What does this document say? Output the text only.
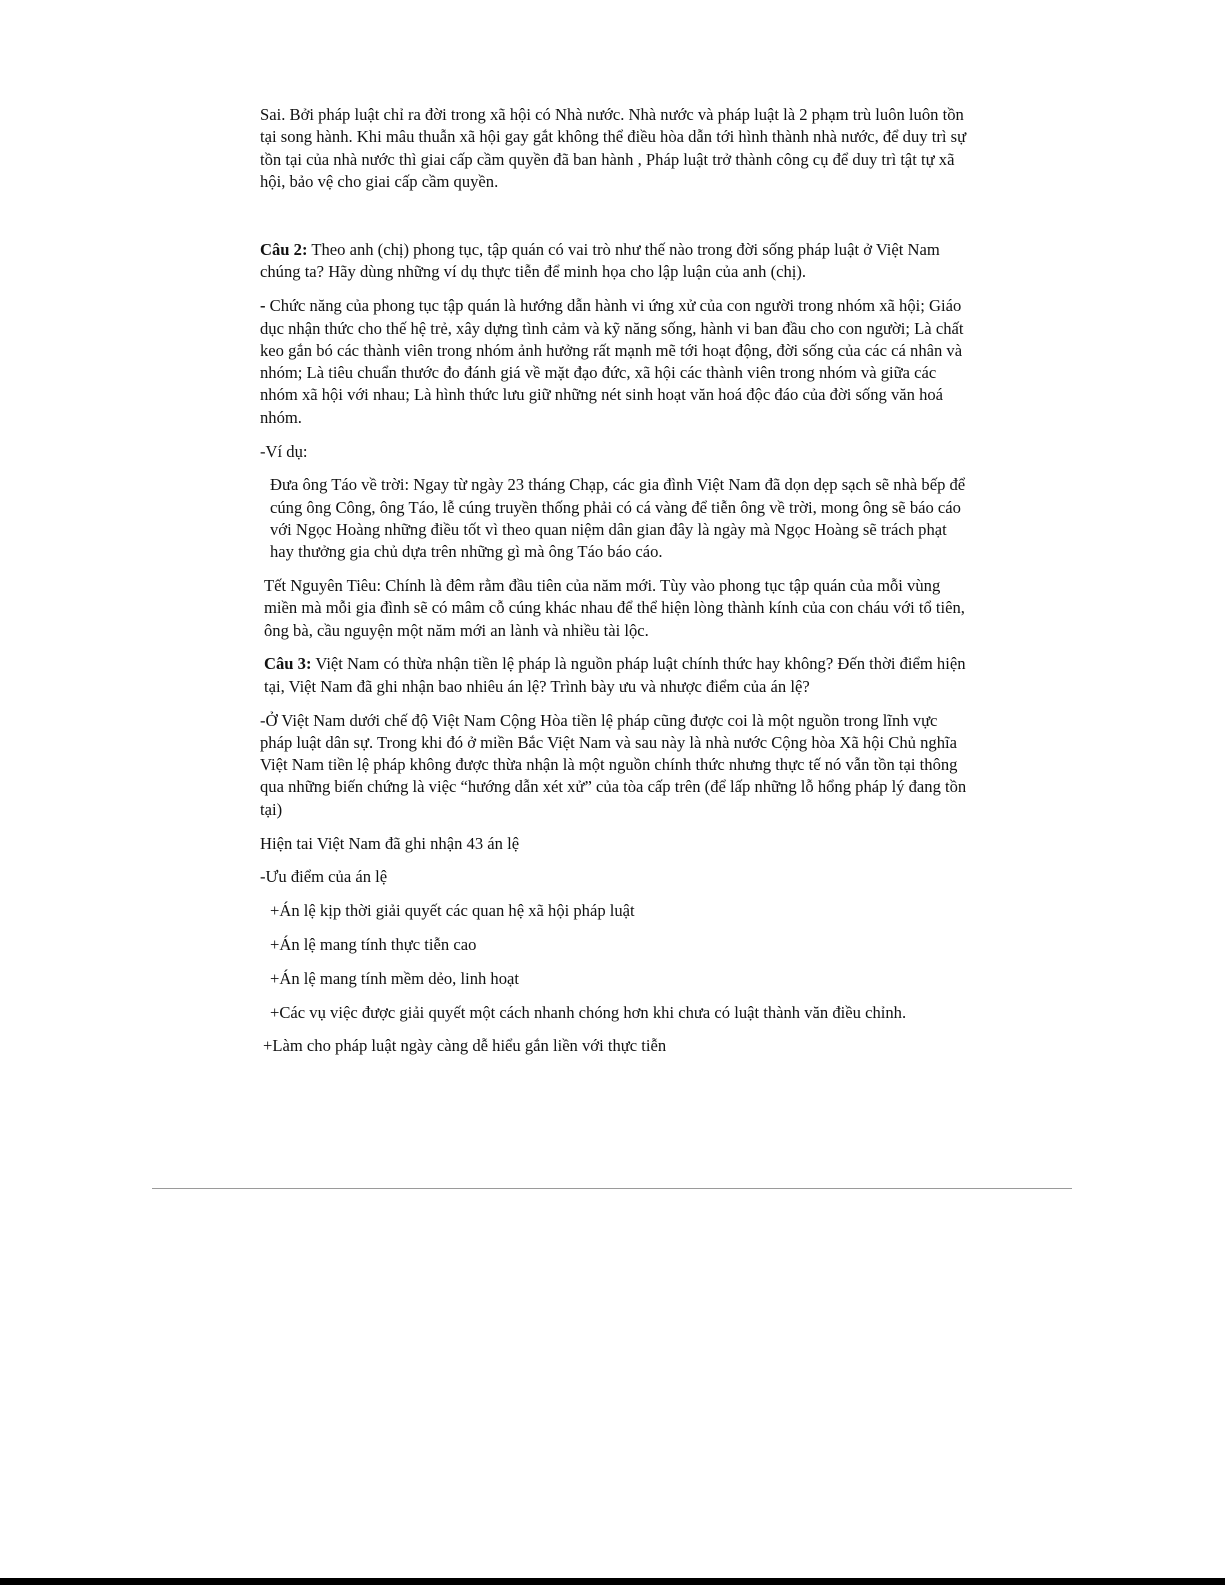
Sai. Bởi pháp luật chỉ ra đời trong xã hội có Nhà nước. Nhà nước và pháp luật là 2 phạm trù luôn luôn tồn tại song hành. Khi mâu thuẫn xã hội gay gắt không thể điều hòa dẫn tới hình thành nhà nước, để duy trì sự tồn tại của nhà nước thì giai cấp cầm quyền đã ban hành , Pháp luật trở thành công cụ để duy trì tật tự xã hội, bảo vệ cho giai cấp cầm quyền.

Câu 2: Theo anh (chị) phong tục, tập quán có vai trò như thế nào trong đời sống pháp luật ở Việt Nam chúng ta? Hãy dùng những ví dụ thực tiễn để minh họa cho lập luận của anh (chị).

- Chức năng của phong tục tập quán là hướng dẫn hành vi ứng xử của con người trong nhóm xã hội; Giáo dục nhận thức cho thế hệ trẻ, xây dựng tình cảm và kỹ năng sống, hành vi ban đầu cho con người; Là chất keo gắn bó các thành viên trong nhóm ảnh hưởng rất mạnh mẽ tới hoạt động, đời sống của các cá nhân và nhóm; Là tiêu chuẩn thước đo đánh giá về mặt đạo đức, xã hội các thành viên trong nhóm và giữa các nhóm xã hội với nhau; Là hình thức lưu giữ những nét sinh hoạt văn hoá độc đáo của đời sống văn hoá nhóm.

-Ví dụ:

Đưa ông Táo về trời: Ngay từ ngày 23 tháng Chạp, các gia đình Việt Nam đã dọn dẹp sạch sẽ nhà bếp để cúng ông Công, ông Táo, lễ cúng truyền thống phải có cá vàng để tiễn ông về trời, mong ông sẽ báo cáo với Ngọc Hoàng những điều tốt vì theo quan niệm dân gian đây là ngày mà Ngọc Hoàng sẽ trách phạt hay thưởng gia chủ dựa trên những gì mà ông Táo báo cáo.

Tết Nguyên Tiêu: Chính là đêm rằm đầu tiên của năm mới. Tùy vào phong tục tập quán của mỗi vùng miền mà mỗi gia đình sẽ có mâm cỗ cúng khác nhau để thể hiện lòng thành kính của con cháu với tổ tiên, ông bà, cầu nguyện một năm mới an lành và nhiều tài lộc.

Câu 3: Việt Nam có thừa nhận tiền lệ pháp là nguồn pháp luật chính thức hay không? Đến thời điểm hiện tại, Việt Nam đã ghi nhận bao nhiêu án lệ? Trình bày ưu và nhược điểm của án lệ?

-Ở Việt Nam dưới chế độ Việt Nam Cộng Hòa tiền lệ pháp cũng được coi là một nguồn trong lĩnh vực pháp luật dân sự. Trong khi đó ở miền Bắc Việt Nam và sau này là nhà nước Cộng hòa Xã hội Chủ nghĩa Việt Nam tiền lệ pháp không được thừa nhận là một nguồn chính thức nhưng thực tế nó vẫn tồn tại thông qua những biến chứng là việc “hướng dẫn xét xử” của tòa cấp trên (để lấp những lỗ hổng pháp lý đang tồn tại)

Hiện tai Việt Nam đã ghi nhận 43 án lệ

-Ưu điểm của án lệ

+Án lệ kịp thời giải quyết các quan hệ xã hội pháp luật

+Án lệ mang tính thực tiễn cao

+Án lệ mang tính mềm dẻo, linh hoạt

+Các vụ việc được giải quyết một cách nhanh chóng hơn khi chưa có luật thành văn điều chỉnh.

+Làm cho pháp luật ngày càng dễ hiểu gắn liền với thực tiễn
